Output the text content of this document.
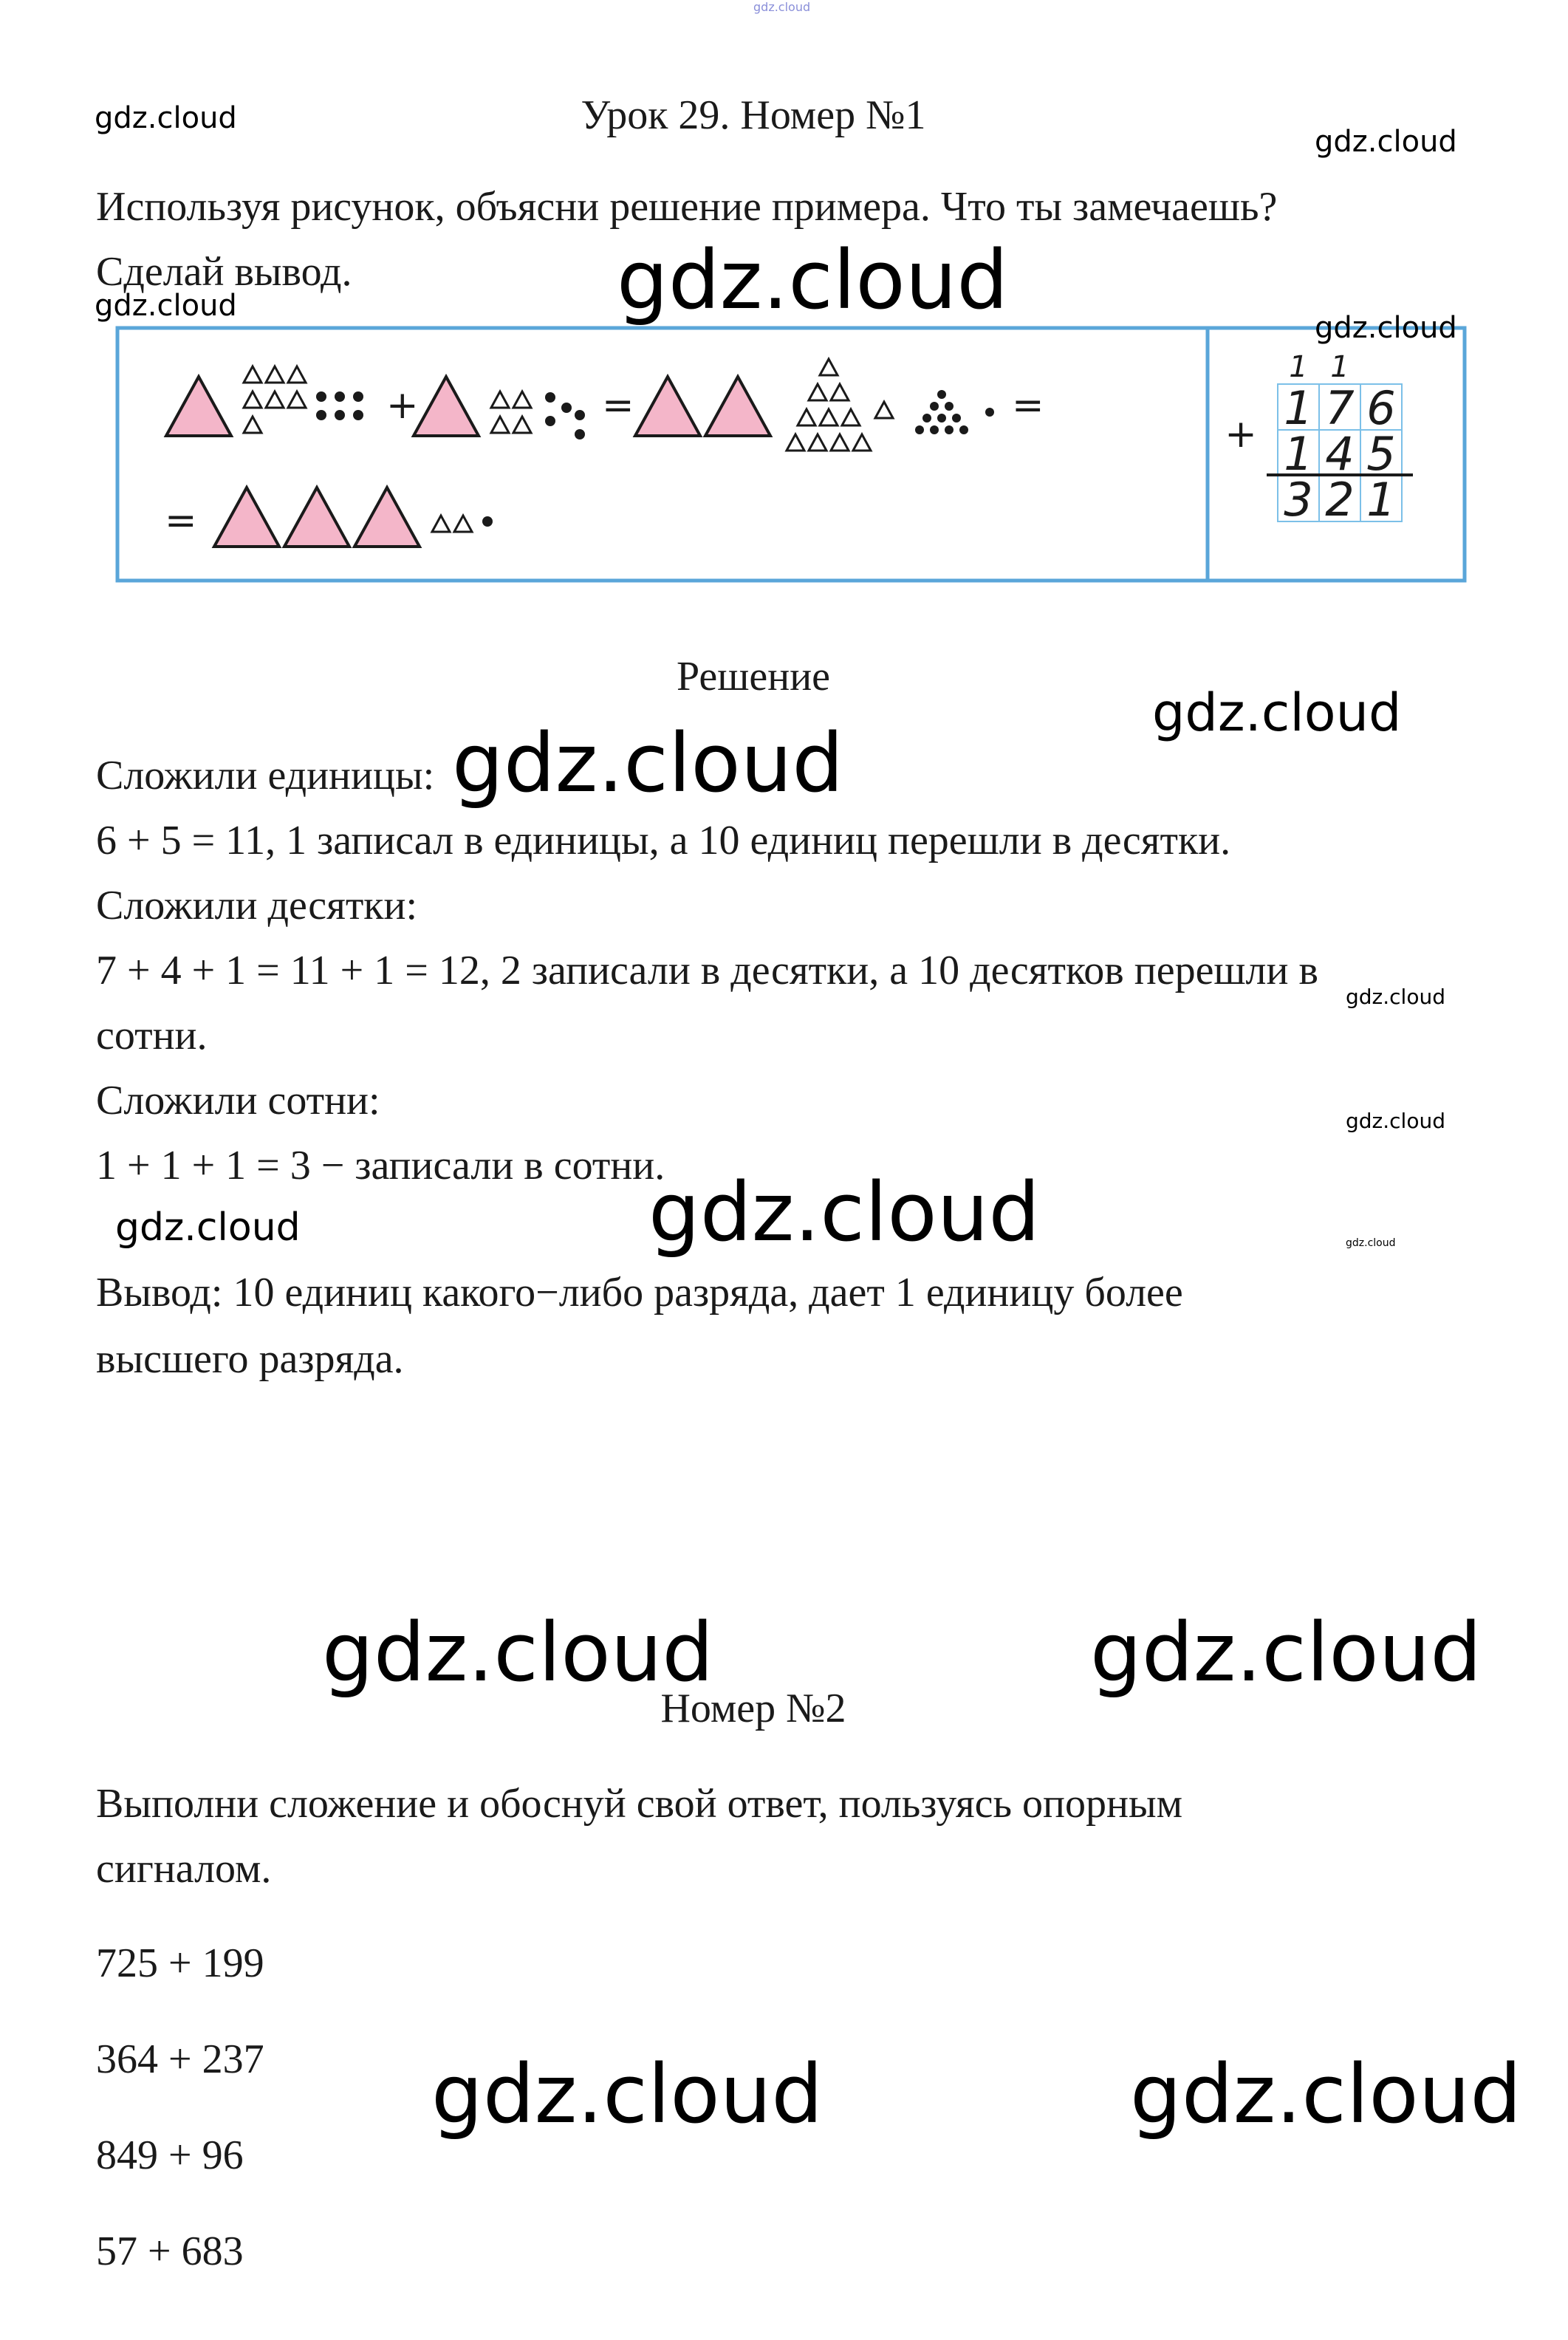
gdz.cloud
Урок 29. Номер №1
Используя рисунок, объясни решение примера. Что ты замечаешь?
Сделай вывод.
+	=	=
=
1 1
+ 1 7 6
1 4 5
3 2 1
Решение
Сложили единицы:
6 + 5 = 11, 1 записал в единицы, а 10 единиц перешли в десятки.
Сложили десятки:
7 + 4 + 1 = 11 + 1 = 12, 2 записали в десятки, а 10 десятков перешли в
сотни.
Сложили сотни:
1 + 1 + 1 = 3 − записали в сотни.
Вывод: 10 единиц какого−либо разряда, дает 1 единицу более
высшего разряда.
Номер №2
Выполни сложение и обоснуй свой ответ, пользуясь опорным
сигналом.
725 + 199
364 + 237
849 + 96
57 + 683
gdz.cloud
gdz.cloud
gdz.cloud	gdz.cloud
gdz.cloud
gdz.cloud
gdz.cloud
gdz.cloud
gdz.cloud
gdz.cloud
gdz.cloud	gdz.cloud
gdz.cloud	gdz.cloud
gdz.cloud	gdz.cloud
